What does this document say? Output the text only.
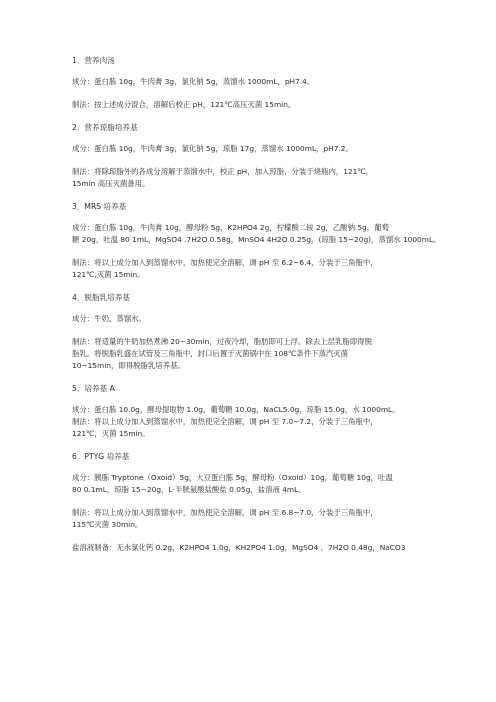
1．营养肉汤
成分：蛋白胨 10g，牛肉膏 3g，氯化钠 5g，蒸馏水 1000mL，pH7.4。
制法：按上述成分混合，溶解后校正 pH，121℃高压灭菌 15min。
2．营养琼脂培养基
成分：蛋白胨 10g，牛肉膏 3g，氯化钠 5g，琼脂 17g，蒸馏水 1000mL，pH7.2。
制法：将除琼脂外的各成分溶解于蒸馏水中，校正 pH，加入琼脂，分装于烧瓶内，121℃，
15min 高压灭菌备用。
3．MRS 培养基
成分：蛋白胨 10g，牛肉膏 10g，酵母粉 5g，K2HPO4 2g，柠檬酸二铵 2g，乙酸钠 5g，葡萄
糖 20g，吐温 80 1mL，MgSO4 .7H2O 0.58g，MnSO4 4H2O 0.25g，(琼脂 15~20g)，蒸馏水 1000mL。
制法：将以上成分加入到蒸馏水中，加热使完全溶解，调 pH 至 6.2~6.4，分装于三角瓶中，
121℃,灭菌 15min。
4．脱脂乳培养基
成分：牛奶，蒸馏水。
制法：将适量的牛奶加热煮沸 20~30min，过夜冷却，脂肪即可上浮。除去上层乳脂即得脱
脂乳。将脱脂乳盛在试管及三角瓶中，封口后置于灭菌锅中在 108℃条件下蒸汽灭菌
10~15min，即得脱脂乳培养基。
5．培养基 A
成分：蛋白胨 10.0g，酵母提取物 1.0g，葡萄糖 10.0g，NaCL5.0g，琼脂 15.0g，水 1000mL。
制法：将以上成分加入到蒸馏水中，加热使完全溶解，调 pH 至 7.0~7.2，分装于三角瓶中，
121℃，灭菌 15min。
6．PTYG 培养基
成分：胰胨 Tryptone（Oxoid）5g，大豆蛋白胨 5g，酵母粉（Oxoid）10g，葡萄糖 10g，吐温
80 0.1mL，琼脂 15~20g，L-半胱氨酸盐酸盐 0.05g，盐溶液 4mL。
制法：将以上成分加入到蒸馏水中，加热使完全溶解，调 pH 至 6.8~7.0，分装于三角瓶中，
115℃灭菌 30min。
盐溶液制备：无水氯化钙 0.2g，K2HPO4 1.0g，KH2PO4 1.0g，MgSO4 ．7H2O 0.48g，NaCO3
